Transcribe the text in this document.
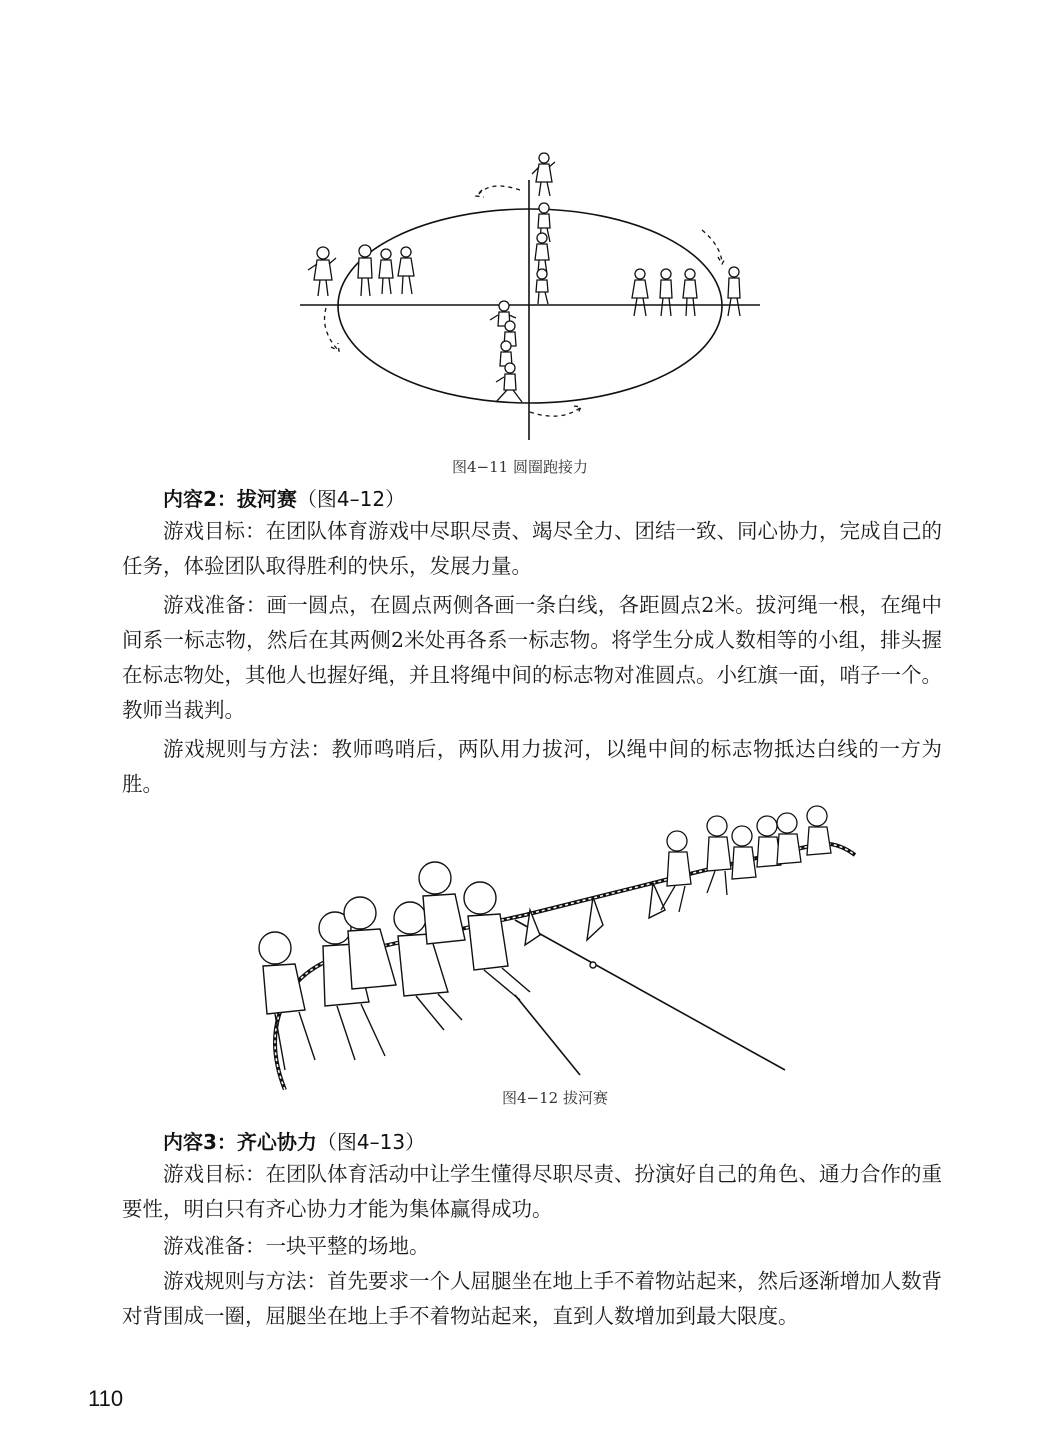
图4−11 圆圈跑接力
内容2：拔河赛（图4–12）

游戏目标：在团队体育游戏中尽职尽责、竭尽全力、团结一致、同心协力，完成自己的任务，体验团队取得胜利的快乐，发展力量。

游戏准备：画一圆点，在圆点两侧各画一条白线，各距圆点2米。拔河绳一根，在绳中间系一标志物，然后在其两侧2米处再各系一标志物。将学生分成人数相等的小组，排头握在标志物处，其他人也握好绳，并且将绳中间的标志物对准圆点。小红旗一面，哨子一个。教师当裁判。

游戏规则与方法：教师鸣哨后，两队用力拔河，以绳中间的标志物抵达白线的一方为胜。

图4−12 拔河赛
内容3：齐心协力（图4–13）

游戏目标：在团队体育活动中让学生懂得尽职尽责、扮演好自己的角色、通力合作的重要性，明白只有齐心协力才能为集体赢得成功。

游戏准备：一块平整的场地。

游戏规则与方法：首先要求一个人屈腿坐在地上手不着物站起来，然后逐渐增加人数背对背围成一圈，屈腿坐在地上手不着物站起来，直到人数增加到最大限度。

110
